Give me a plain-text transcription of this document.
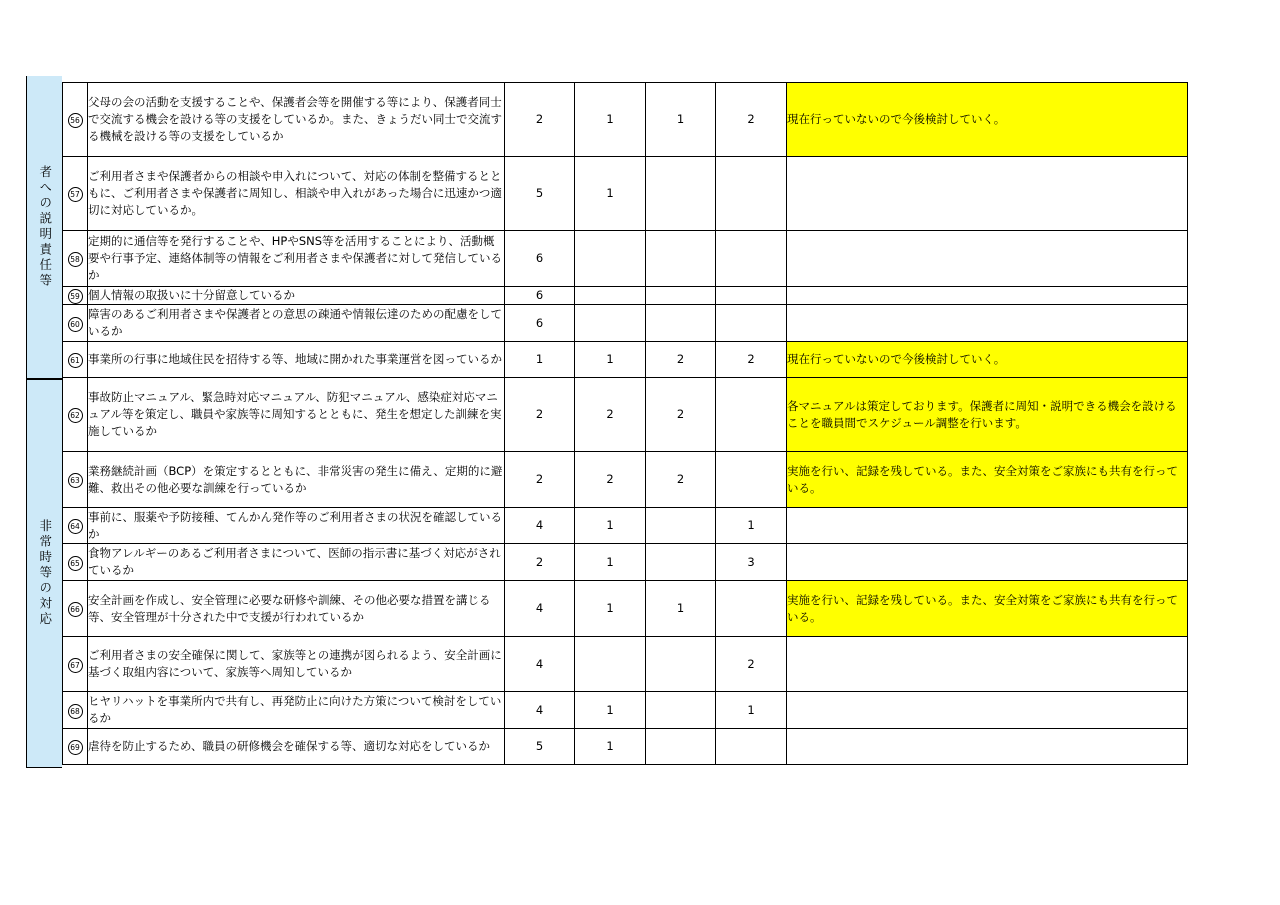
者への説明責任等
非常時等の対応
56	父母の会の活動を支援することや、保護者会等を開催する等により、保護者同士で交流する機会を設ける等の支援をしているか。また、きょうだい同士で交流する機械を設ける等の支援をしているか	2	1	1	2	現在行っていないので今後検討していく。
57	ご利用者さまや保護者からの相談や申入れについて、対応の体制を整備するとともに、ご利用者さまや保護者に周知し、相談や申入れがあった場合に迅速かつ適切に対応しているか。	5	1			
58	定期的に通信等を発行することや、HPやSNS等を活用することにより、活動概要や行事予定、連絡体制等の情報をご利用者さまや保護者に対して発信しているか	6				
59	個人情報の取扱いに十分留意しているか	6				
60	障害のあるご利用者さまや保護者との意思の疎通や情報伝達のための配慮をしているか	6				
61	事業所の行事に地域住民を招待する等、地域に開かれた事業運営を図っているか	1	1	2	2	現在行っていないので今後検討していく。
62	事故防止マニュアル、緊急時対応マニュアル、防犯マニュアル、感染症対応マニュアル等を策定し、職員や家族等に周知するとともに、発生を想定した訓練を実施しているか	2	2	2		各マニュアルは策定しております。保護者に周知・説明できる機会を設けることを職員間でスケジュール調整を行います。
63	業務継続計画（BCP）を策定するとともに、非常災害の発生に備え、定期的に避難、救出その他必要な訓練を行っているか	2	2	2		実施を行い、記録を残している。また、安全対策をご家族にも共有を行っている。
64	事前に、服薬や予防接種、てんかん発作等のご利用者さまの状況を確認しているか	4	1		1	
65	食物アレルギーのあるご利用者さまについて、医師の指示書に基づく対応がされているか	2	1		3	
66	安全計画を作成し、安全管理に必要な研修や訓練、その他必要な措置を講じる等、安全管理が十分された中で支援が行われているか	4	1	1		実施を行い、記録を残している。また、安全対策をご家族にも共有を行っている。
67	ご利用者さまの安全確保に関して、家族等との連携が図られるよう、安全計画に基づく取組内容について、家族等へ周知しているか	4			2	
68	ヒヤリハットを事業所内で共有し、再発防止に向けた方策について検討をしているか	4	1		1	
69	虐待を防止するため、職員の研修機会を確保する等、適切な対応をしているか	5	1			
